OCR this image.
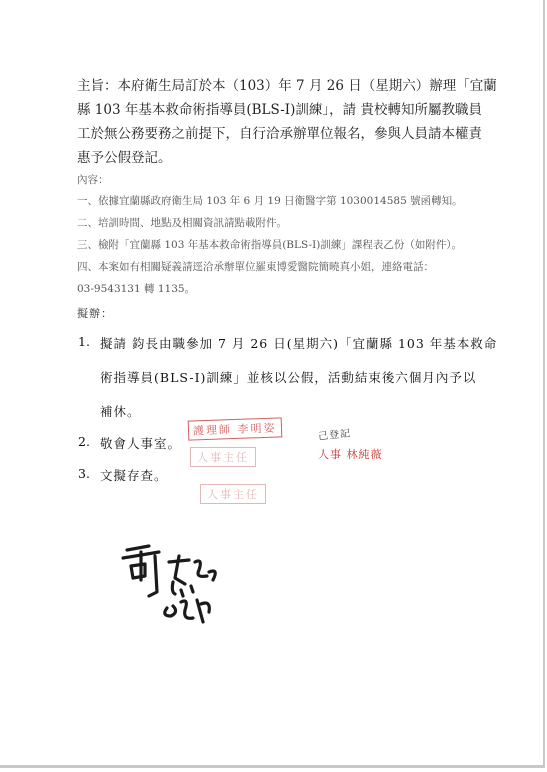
主旨：本府衛生局訂於本（103）年 7 月 26 日（星期六）辦理「宜蘭
縣 103 年基本救命術指導員(BLS-I)訓練」，請 貴校轉知所屬教職員
工於無公務要務之前提下，自行洽承辦單位報名，參與人員請本權責
惠予公假登記。
內容：
一、依據宜蘭縣政府衛生局 103 年 6 月 19 日衛醫字第 1030014585 號函轉知。
二、培訓時間、地點及相關資訊請點載附件。
三、檢附「宜蘭縣 103 年基本救命術指導員(BLS-I)訓練」課程表乙份（如附件）。
四、本案如有相關疑義請逕洽承辦單位羅東博愛醫院簡曉真小姐，連絡電話：
03-9543131 轉 1135。
擬辦：
1. 擬請 鈞長由職參加 7 月 26 日(星期六)「宜蘭縣 103 年基本救命
術指導員(BLS-I)訓練」並核以公假，活動結束後六個月內予以
補休。
2. 敬會人事室。
3. 文擬存查。
護理師 李明姿
人事主任
人事主任
己登記
人事 林純薇
